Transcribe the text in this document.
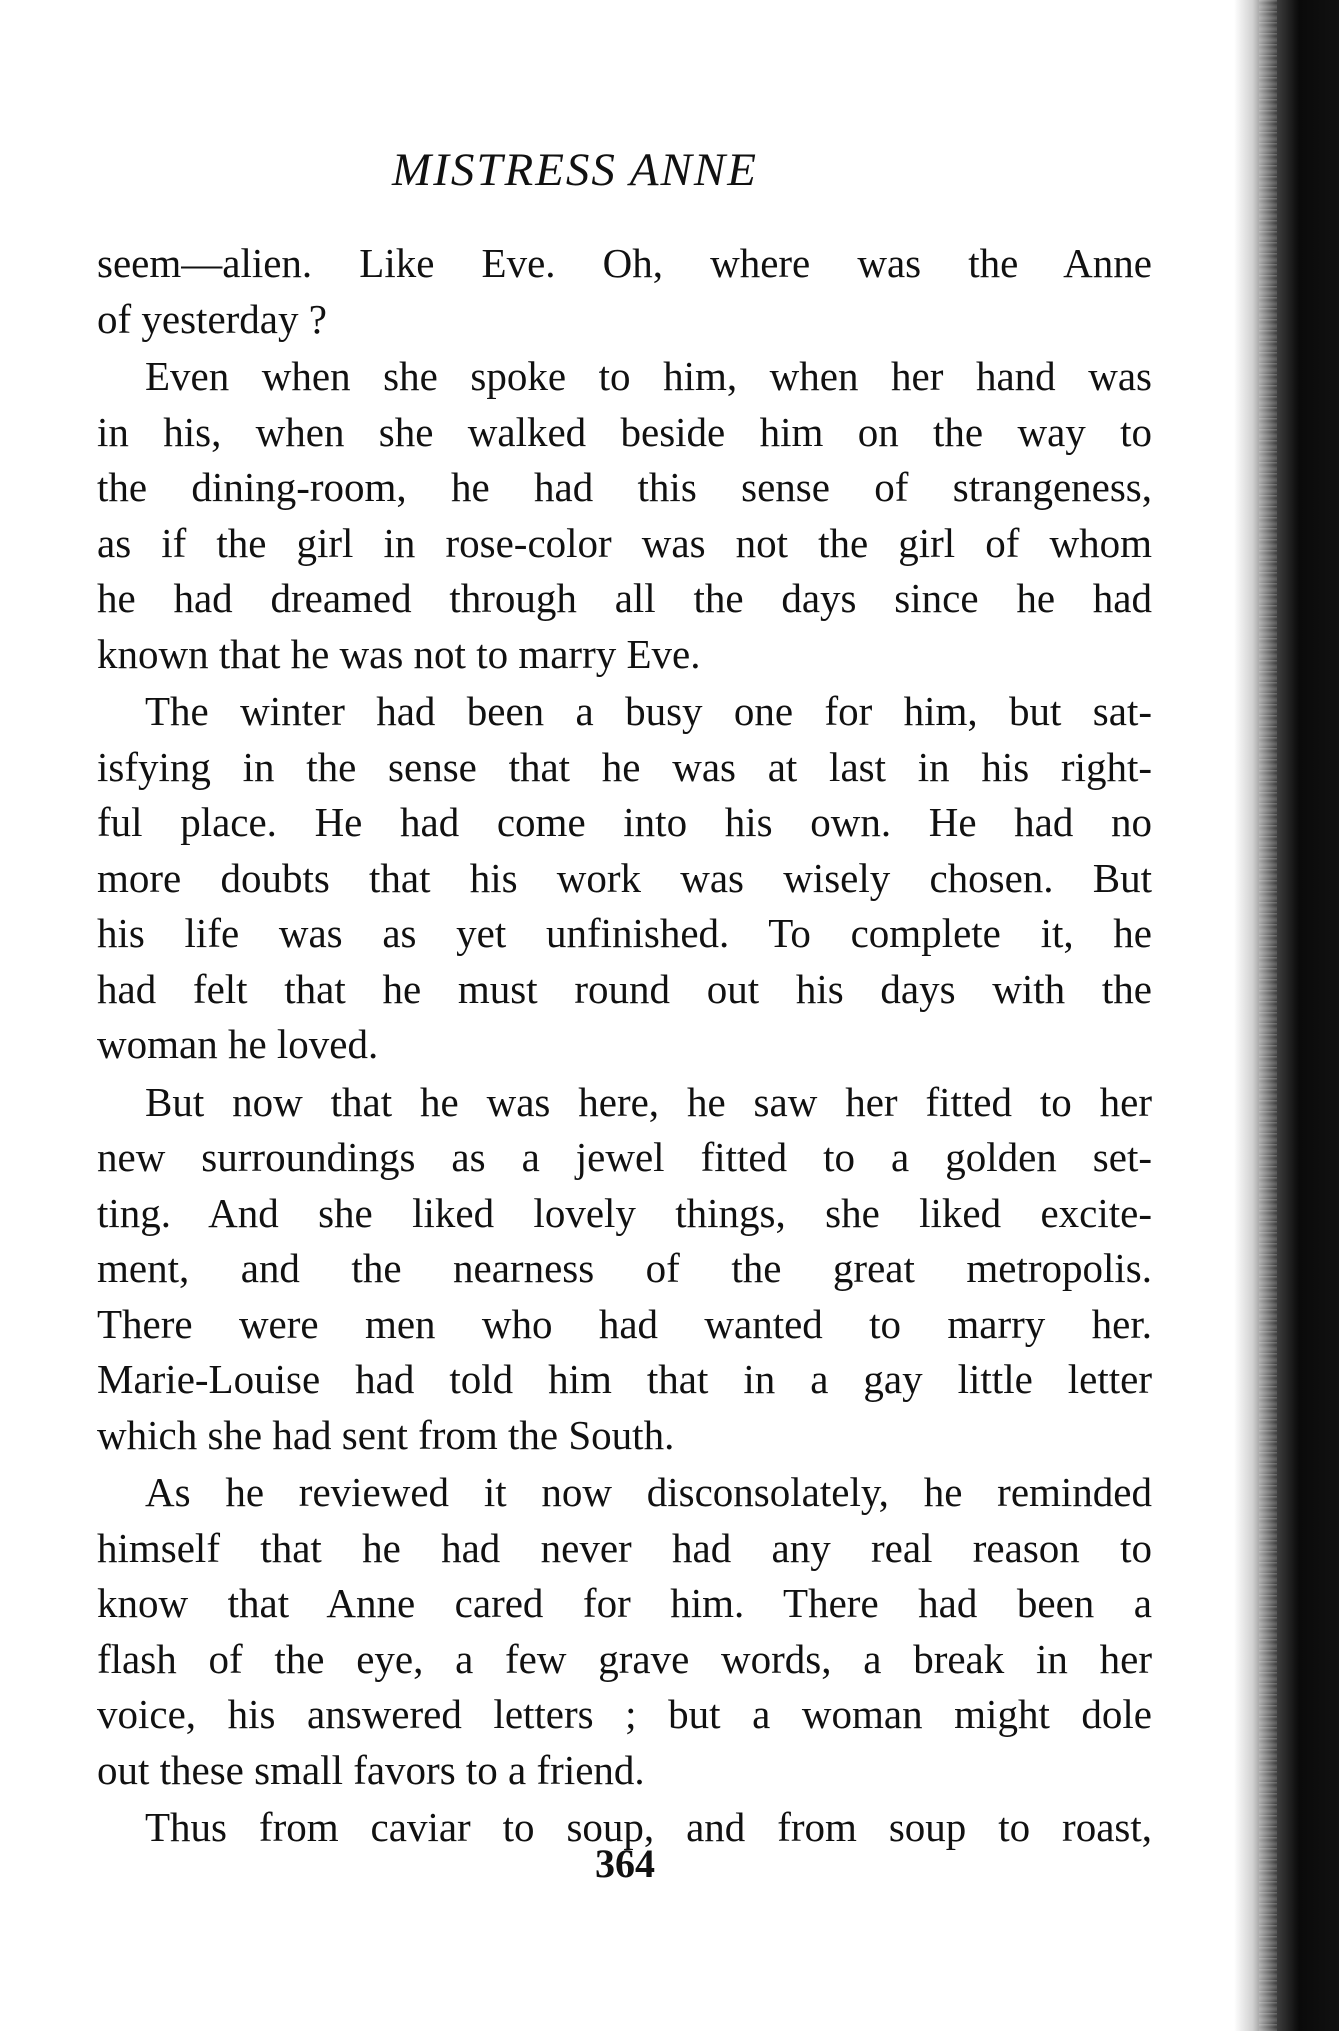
MISTRESS ANNE
seem—alien. Like Eve. Oh, where was the Anne
of yesterday ?
Even when she spoke to him, when her hand was
in his, when she walked beside him on the way to
the dining-room, he had this sense of strangeness,
as if the girl in rose-color was not the girl of whom
he had dreamed through all the days since he had
known that he was not to marry Eve.
The winter had been a busy one for him, but sat-
isfying in the sense that he was at last in his right-
ful place. He had come into his own. He had no
more doubts that his work was wisely chosen. But
his life was as yet unfinished. To complete it, he
had felt that he must round out his days with the
woman he loved.
But now that he was here, he saw her fitted to her
new surroundings as a jewel fitted to a golden set-
ting. And she liked lovely things, she liked excite-
ment, and the nearness of the great metropolis.
There were men who had wanted to marry her.
Marie-Louise had told him that in a gay little letter
which she had sent from the South.
As he reviewed it now disconsolately, he reminded
himself that he had never had any real reason to
know that Anne cared for him. There had been a
flash of the eye, a few grave words, a break in her
voice, his answered letters ; but a woman might dole
out these small favors to a friend.
Thus from caviar to soup, and from soup to roast,
364
